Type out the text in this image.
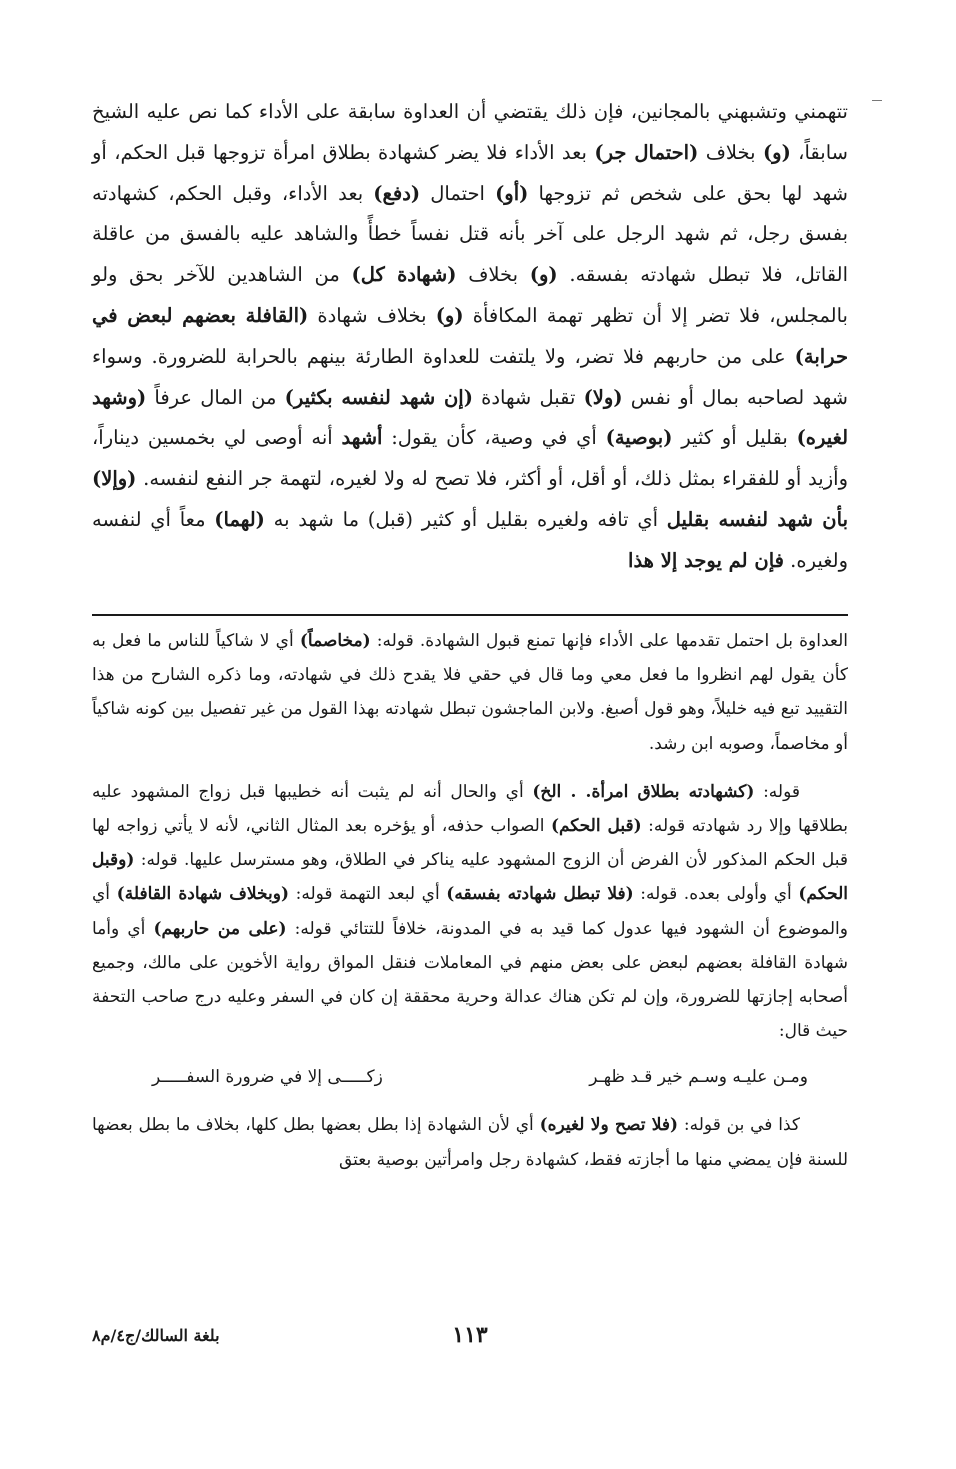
تتهمني وتشبهني بالمجانين، فإن ذلك يقتضي أن العداوة سابقة على الأداء كما نص عليه الشيخ سابقاً، (و) بخلاف (احتمال جر) بعد الأداء فلا يضر كشهادة بطلاق امرأة تزوجها قبل الحكم، أو شهد لها بحق على شخص ثم تزوجها (أو) احتمال (دفع) بعد الأداء، وقبل الحكم، كشهادته بفسق رجل، ثم شهد الرجل على آخر بأنه قتل نفساً خطأً والشاهد عليه بالفسق من عاقلة القاتل، فلا تبطل شهادته بفسقه. (و) بخلاف (شهادة كل) من الشاهدين للآخر بحق ولو بالمجلس، فلا تضر إلا أن تظهر تهمة المكافأة (و) بخلاف شهادة (القافلة بعضهم لبعض في حرابة) على من حاربهم فلا تضر، ولا يلتفت للعداوة الطارئة بينهم بالحرابة للضرورة. وسواء شهد لصاحبه بمال أو نفس (ولا) تقبل شهادة (إن شهد لنفسه بكثير) من المال عرفاً (وشهد لغيره) بقليل أو كثير (بوصية) أي في وصية، كأن يقول: أشهد أنه أوصى لي بخمسين ديناراً، وأزيد أو للفقراء بمثل ذلك، أو أقل، أو أكثر، فلا تصح له ولا لغيره، لتهمة جر النفع لنفسه. (وإلا) بأن شهد لنفسه بقليل أي تافه ولغيره بقليل أو كثير (قبل) ما شهد به (لهما) معاً أي لنفسه ولغيره. فإن لم يوجد إلا هذا

العداوة بل احتمل تقدمها على الأداء فإنها تمنع قبول الشهادة. قوله: (مخاصماً) أي لا شاكياً للناس ما فعل به كأن يقول لهم انظروا ما فعل معي وما قال في حقي فلا يقدح ذلك في شهادته، وما ذكره الشارح من هذا التقييد تبع فيه خليلاً، وهو قول أصبغ. ولابن الماجشون تبطل شهادته بهذا القول من غير تفصيل بين كونه شاكياً أو مخاصماً، وصوبه ابن رشد.

قوله: (كشهادته بطلاق امرأة. . الخ) أي والحال أنه لم يثبت أنه خطيبها قبل زواج المشهود عليه بطلاقها وإلا رد شهادته قوله: (قبل الحكم) الصواب حذفه، أو يؤخره بعد المثال الثاني، لأنه لا يأتي زواجه لها قبل الحكم المذكور لأن الفرض أن الزوج المشهود عليه يناكر في الطلاق، وهو مسترسل عليها. قوله: (وقبل الحكم) أي وأولى بعده. قوله: (فلا تبطل شهادته بفسقه) أي لبعد التهمة قوله: (وبخلاف شهادة القافلة) أي والموضوع أن الشهود فيها عدول كما قيد به في المدونة، خلافاً للتتائي قوله: (على من حاربهم) أي وأما شهادة القافلة بعضهم لبعض على بعض منهم في المعاملات فنقل المواق رواية الأخوين على مالك، وجميع أصحابه إجازتها للضرورة، وإن لم تكن هناك عدالة وحرية محققة إن كان في السفر وعليه درج صاحب التحفة حيث قال:

ومـن عليـه وسـم خير قـد ظهـر
زكـــــى إلا في ضرورة السفـــــر

كذا في بن قوله: (فلا تصح ولا لغيره) أي لأن الشهادة إذا بطل بعضها بطل كلها، بخلاف ما بطل بعضها للسنة فإن يمضي منها ما أجازته فقط، كشهادة رجل وامرأتين بوصية بعتق

١١٣
بلغة السالك/ج٤/م٨
